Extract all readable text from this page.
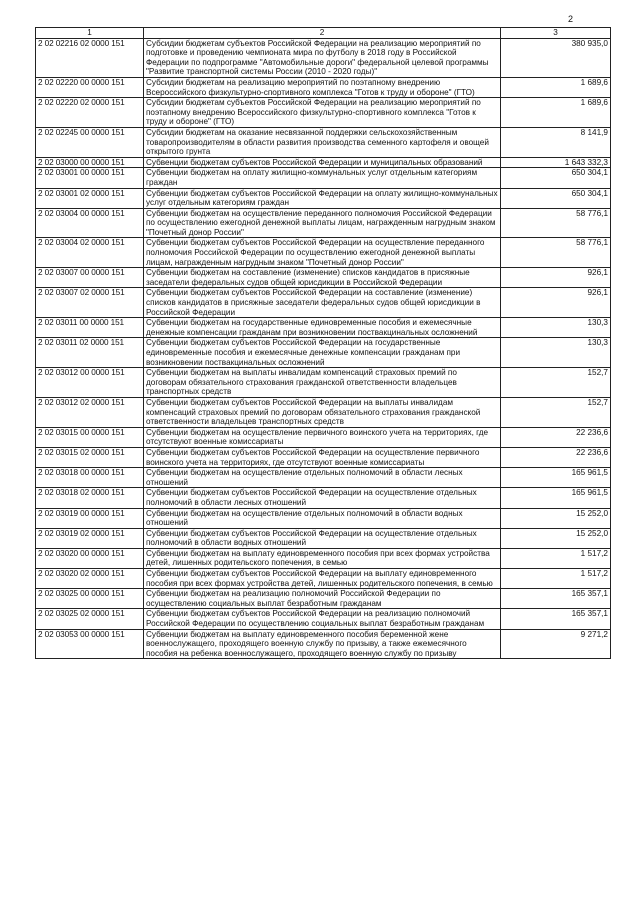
2
1	2	3
2 02 02216 02 0000 151	Субсидии бюджетам субъектов Российской Федерации на реализацию мероприятий по подготовке и проведению чемпионата мира по футболу в 2018 году в Российской Федерации по подпрограмме "Автомобильные дороги" федеральной целевой программы "Развитие транспортной системы России (2010 - 2020 годы)"	380 935,0
2 02 02220 00 0000 151	Субсидии бюджетам на реализацию мероприятий по поэтапному внедрению Всероссийского физкультурно-спортивного комплекса "Готов к труду и обороне" (ГТО)	1 689,6
2 02 02220 02 0000 151	Субсидии бюджетам субъектов Российской Федерации на реализацию мероприятий по поэтапному внедрению Всероссийского физкультурно-спортивного комплекса "Готов к труду и обороне" (ГТО)	1 689,6
2 02 02245 00 0000 151	Субсидии бюджетам на оказание несвязанной поддержки сельскохозяйственным товаропроизводителям в области развития производства семенного картофеля и овощей открытого грунта	8 141,9
2 02 03000 00 0000 151	Субвенции бюджетам субъектов Российской Федерации и муниципальных образований	1 643 332,3
2 02 03001 00 0000 151	Субвенции бюджетам на оплату жилищно-коммунальных услуг отдельным категориям граждан	650 304,1
2 02 03001 02 0000 151	Субвенции бюджетам субъектов Российской Федерации на оплату жилищно-коммунальных услуг отдельным категориям граждан	650 304,1
2 02 03004 00 0000 151	Субвенции бюджетам на осуществление переданного полномочия Российской Федерации по осуществлению ежегодной денежной выплаты лицам, награжденным нагрудным знаком "Почетный донор России"	58 776,1
2 02 03004 02 0000 151	Субвенции бюджетам субъектов Российской Федерации на осуществление переданного полномочия Российской Федерации по осуществлению ежегодной денежной выплаты лицам, награжденным нагрудным знаком "Почетный донор России"	58 776,1
2 02 03007 00 0000 151	Субвенции бюджетам на составление (изменение) списков кандидатов в присяжные заседатели федеральных судов общей юрисдикции в Российской Федерации	926,1
2 02 03007 02 0000 151	Субвенции бюджетам субъектов Российской Федерации на составление (изменение) списков кандидатов в присяжные заседатели федеральных судов общей юрисдикции в Российской Федерации	926,1
2 02 03011 00 0000 151	Субвенции бюджетам на государственные единовременные пособия и ежемесячные денежные компенсации гражданам при возникновении поствакцинальных осложнений	130,3
2 02 03011 02 0000 151	Субвенции бюджетам субъектов Российской Федерации на государственные единовременные пособия и ежемесячные денежные компенсации гражданам при возникновении поствакцинальных осложнений	130,3
2 02 03012 00 0000 151	Субвенции бюджетам на выплаты инвалидам компенсаций страховых премий по договорам обязательного страхования гражданской ответственности владельцев транспортных средств	152,7
2 02 03012 02 0000 151	Субвенции бюджетам субъектов Российской Федерации на выплаты инвалидам компенсаций страховых премий по договорам обязательного страхования гражданской ответственности владельцев транспортных средств	152,7
2 02 03015 00 0000 151	Субвенции бюджетам на осуществление первичного воинского учета на территориях, где отсутствуют военные комиссариаты	22 236,6
2 02 03015 02 0000 151	Субвенции бюджетам субъектов Российской Федерации на осуществление первичного воинского учета на территориях, где отсутствуют военные комиссариаты	22 236,6
2 02 03018 00 0000 151	Субвенции бюджетам на осуществление отдельных полномочий в области лесных отношений	165 961,5
2 02 03018 02 0000 151	Субвенции бюджетам субъектов Российской Федерации на осуществление отдельных полномочий в области лесных отношений	165 961,5
2 02 03019 00 0000 151	Субвенции бюджетам на осуществление отдельных полномочий в области водных отношений	15 252,0
2 02 03019 02 0000 151	Субвенции бюджетам субъектов Российской Федерации на осуществление отдельных полномочий в области водных отношений	15 252,0
2 02 03020 00 0000 151	Субвенции бюджетам на выплату единовременного пособия при всех формах устройства детей, лишенных родительского попечения, в семью	1 517,2
2 02 03020 02 0000 151	Субвенции бюджетам субъектов Российской Федерации на выплату единовременного пособия при всех формах устройства детей, лишенных родительского попечения, в семью	1 517,2
2 02 03025 00 0000 151	Субвенции бюджетам на реализацию полномочий Российской Федерации по осуществлению социальных выплат безработным гражданам	165 357,1
2 02 03025 02 0000 151	Субвенции бюджетам субъектов Российской Федерации на реализацию полномочий Российской Федерации по осуществлению социальных выплат безработным гражданам	165 357,1
2 02 03053 00 0000 151	Субвенции бюджетам на выплату единовременного пособия беременной жене военнослужащего, проходящего военную службу по призыву, а также ежемесячного пособия на ребенка военнослужащего, проходящего военную службу по призыву	9 271,2
